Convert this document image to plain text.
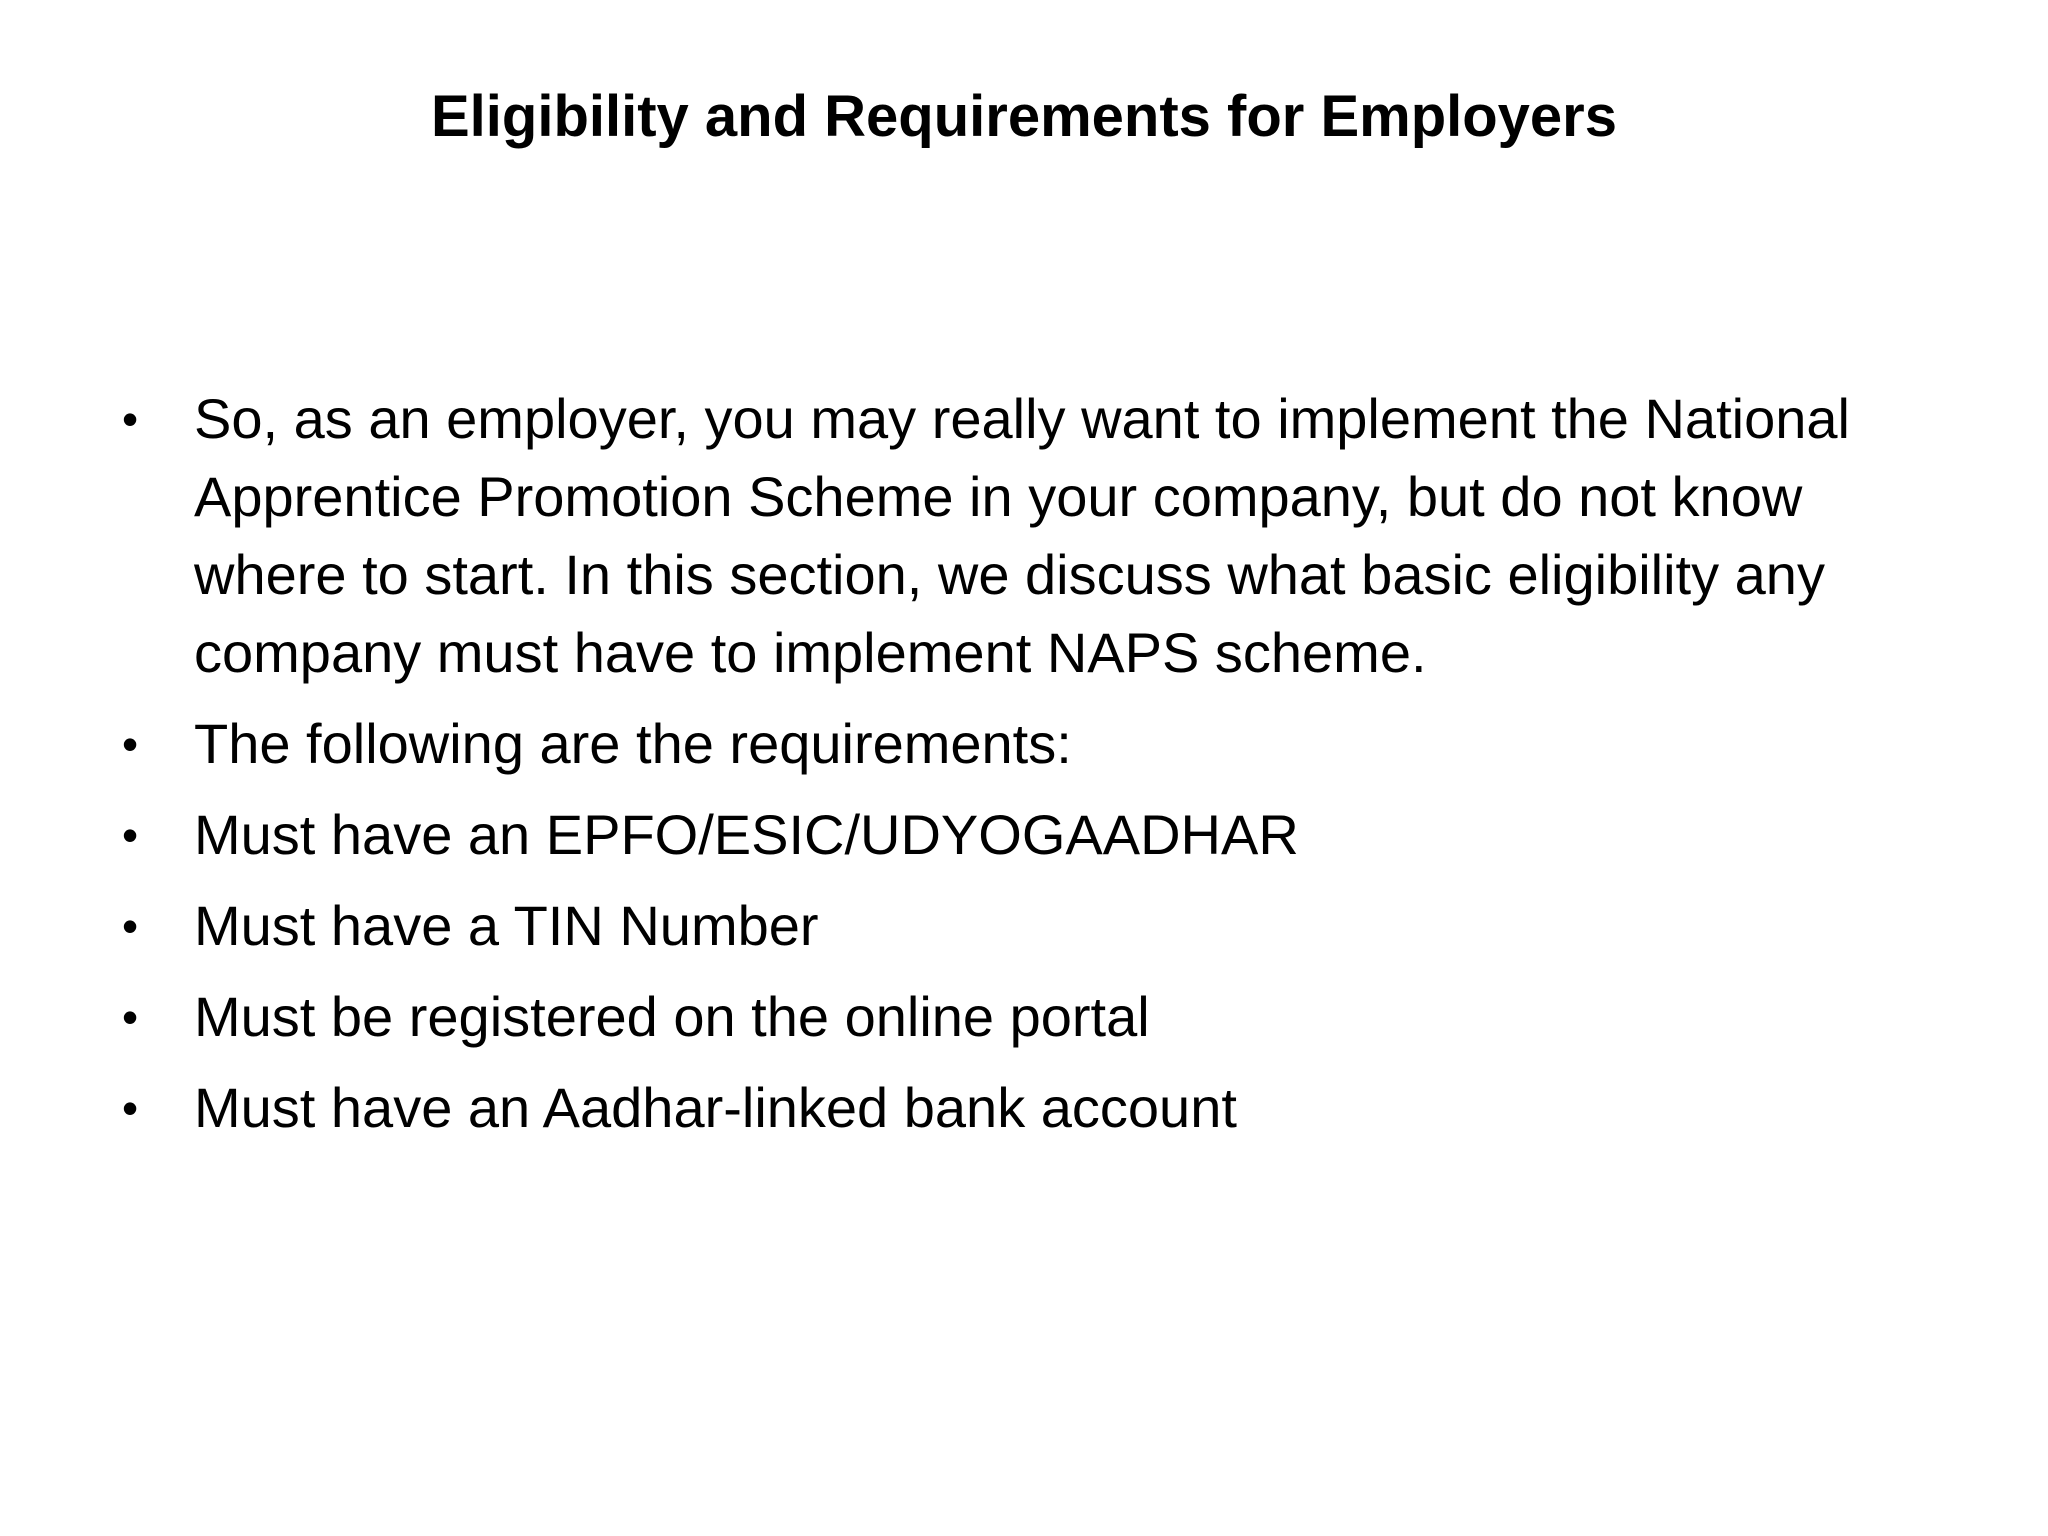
Eligibility and Requirements for Employers
• So, as an employer, you may really want to implement the National Apprentice Promotion Scheme in your company, but do not know where to start. In this section, we discuss what basic eligibility any company must have to implement NAPS scheme.
• The following are the requirements:
• Must have an EPFO/ESIC/UDYOGAADHAR
• Must have a TIN Number
• Must be registered on the online portal
• Must have an Aadhar-linked bank account
